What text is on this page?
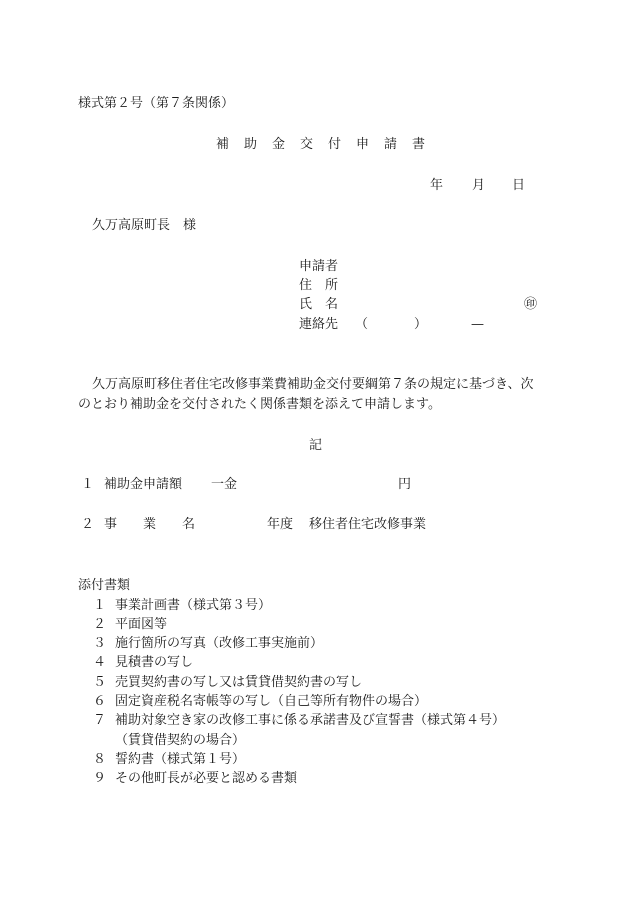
様式第２号（第７条関係）
補助金交付申請書
年 月 日
久万高原町長　様
申請者
住　所
氏　名	㊞
連絡先 （	）	—
久万高原町移住者住宅改修事業費補助金交付要綱第７条の規定に基づき、次
のとおり補助金を交付されたく関係書類を添えて申請します。
記
１ 補助金申請額 一金	円
２ 事　　業　　名	年度 移住者住宅改修事業
添付書類
１ 事業計画書（様式第３号）
２ 平面図等
３ 施行箇所の写真（改修工事実施前）
４ 見積書の写し
５ 売買契約書の写し又は賃貸借契約書の写し
６ 固定資産税名寄帳等の写し（自己等所有物件の場合）
７ 補助対象空き家の改修工事に係る承諾書及び宣誓書（様式第４号）
（賃貸借契約の場合）
８ 誓約書（様式第１号）
９ その他町長が必要と認める書類
